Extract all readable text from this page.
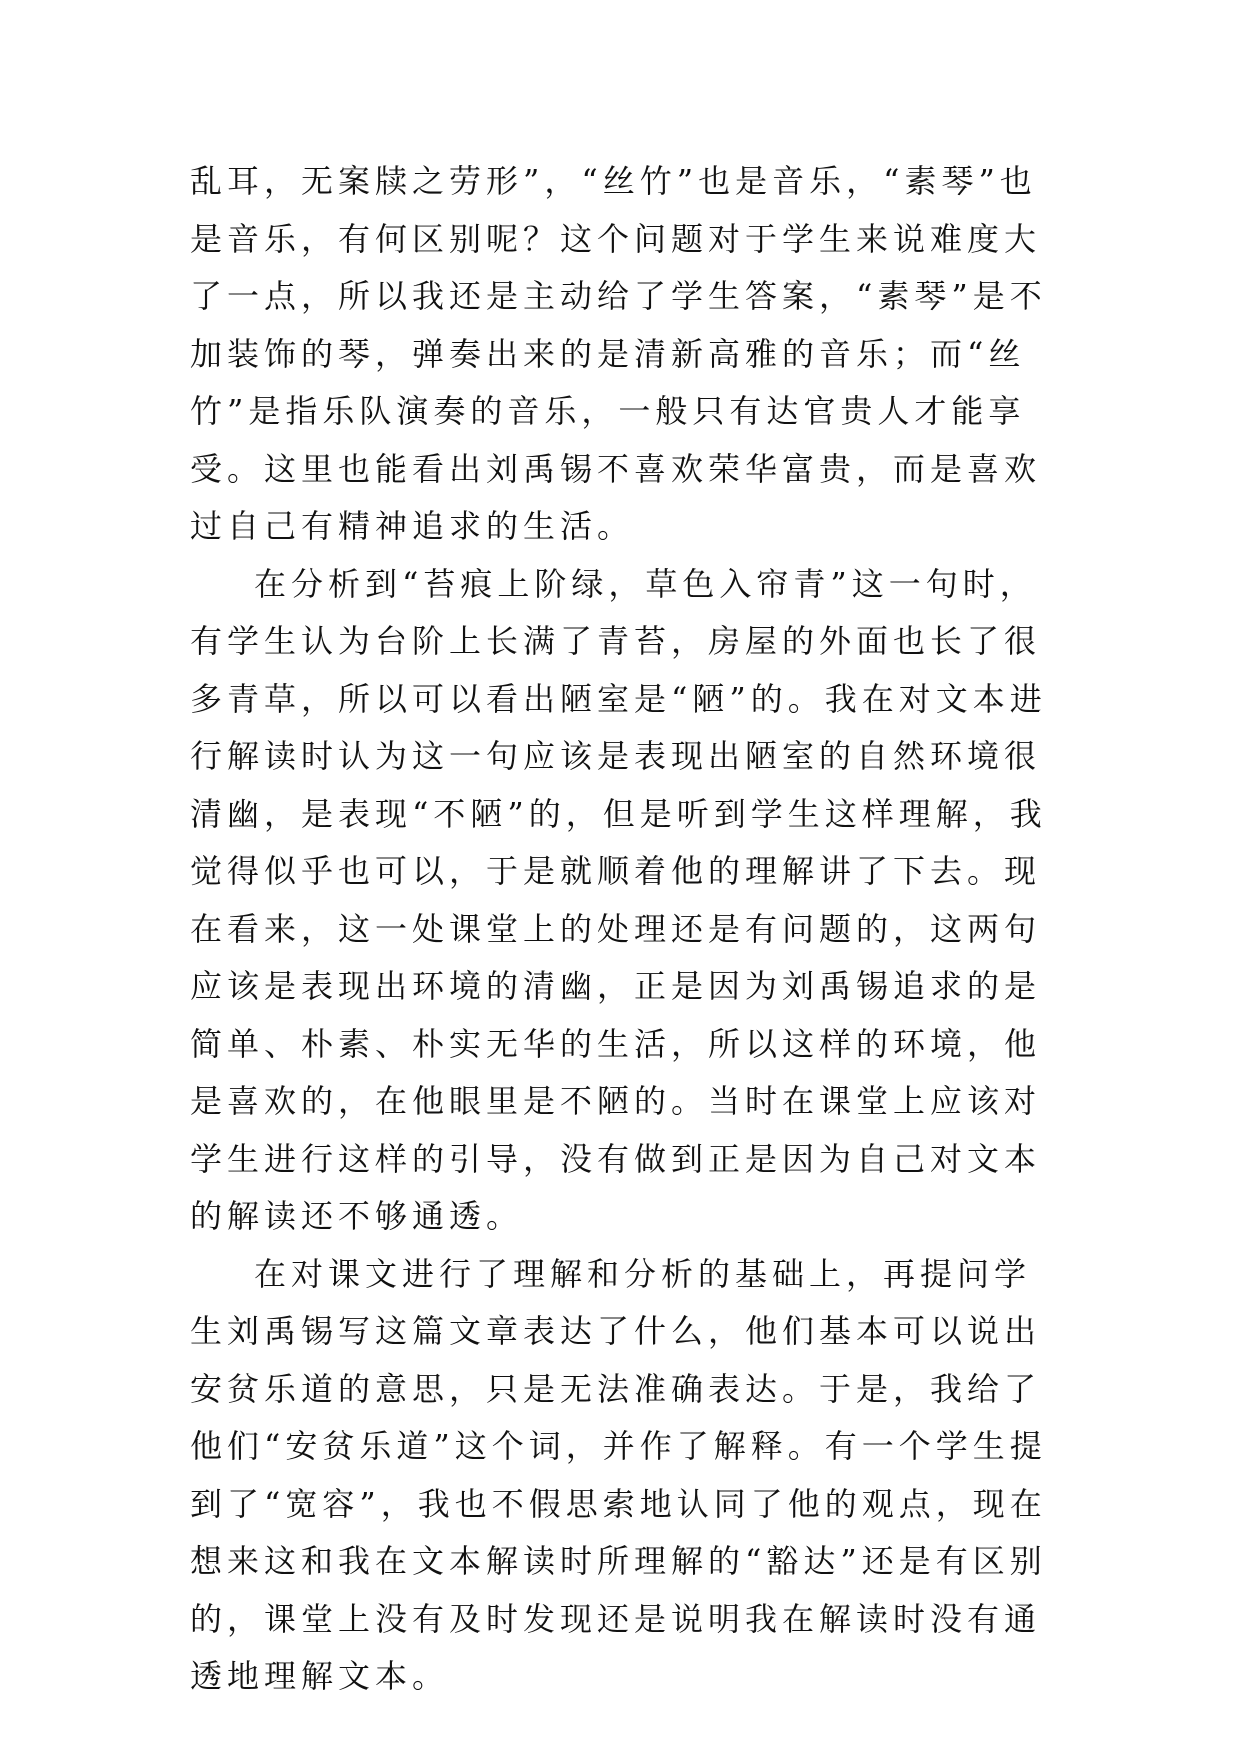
乱耳，无案牍之劳形”，“丝竹”也是音乐，“素琴”也是音乐，有何区别呢？这个问题对于学生来说难度大了一点，所以我还是主动给了学生答案，“素琴”是不加装饰的琴，弹奏出来的是清新高雅的音乐；而“丝竹”是指乐队演奏的音乐，一般只有达官贵人才能享受。这里也能看出刘禹锡不喜欢荣华富贵，而是喜欢过自己有精神追求的生活。

在分析到“苔痕上阶绿，草色入帘青”这一句时，有学生认为台阶上长满了青苔，房屋的外面也长了很多青草，所以可以看出陋室是“陋”的。我在对文本进行解读时认为这一句应该是表现出陋室的自然环境很清幽，是表现“不陋”的，但是听到学生这样理解，我觉得似乎也可以，于是就顺着他的理解讲了下去。现在看来，这一处课堂上的处理还是有问题的，这两句应该是表现出环境的清幽，正是因为刘禹锡追求的是简单、朴素、朴实无华的生活，所以这样的环境，他是喜欢的，在他眼里是不陋的。当时在课堂上应该对学生进行这样的引导，没有做到正是因为自己对文本的解读还不够通透。

在对课文进行了理解和分析的基础上，再提问学生刘禹锡写这篇文章表达了什么，他们基本可以说出安贫乐道的意思，只是无法准确表达。于是，我给了他们“安贫乐道”这个词，并作了解释。有一个学生提到了“宽容”，我也不假思索地认同了他的观点，现在想来这和我在文本解读时所理解的“豁达”还是有区别的，课堂上没有及时发现还是说明我在解读时没有通透地理解文本。
